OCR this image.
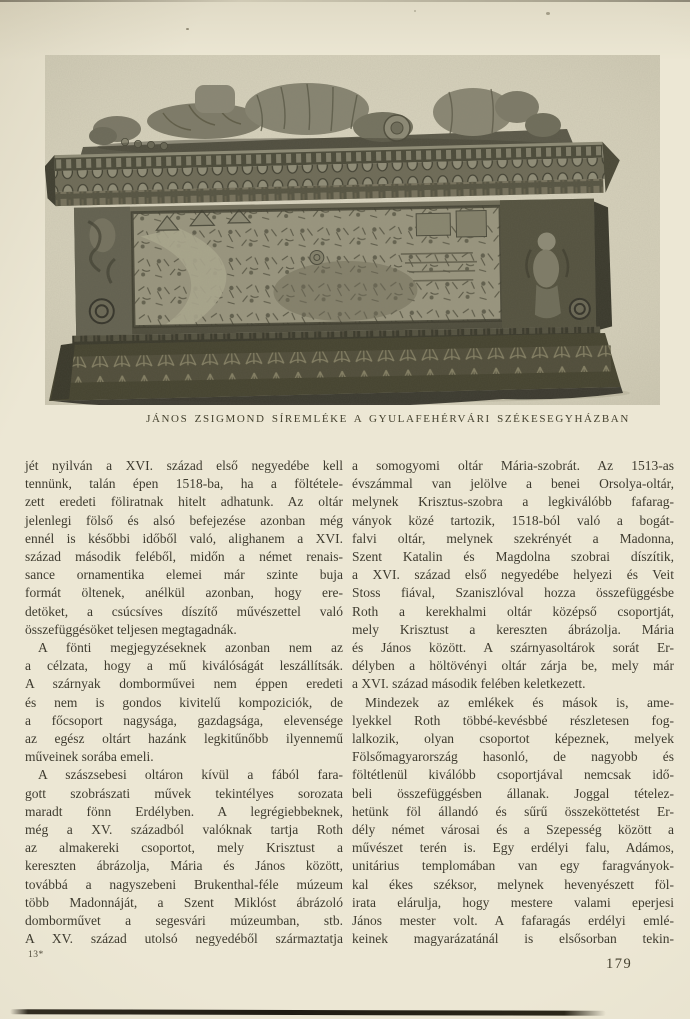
JÁNOS ZSIGMOND SÍREMLÉKE A GYULAFEHÉRVÁRI SZÉKESEGYHÁZBAN
jét nyilván a XVI. század első negyedébe kell
tennünk, talán épen 1518-ba, ha a föltétele-
zett eredeti föliratnak hitelt adhatunk. Az oltár
jelenlegi fölső és alsó befejezése azonban még
ennél is későbbi időből való, alighanem a XVI.
század második feléből, midőn a német renais-
sance ornamentika elemei már szinte buja
formát öltenek, anélkül azonban, hogy ere-
detöket, a csúcsíves díszítő művészettel való
összefüggésöket teljesen megtagadnák.
A fönti megjegyzéseknek azonban nem az
a célzata, hogy a mű kiválóságát leszállítsák.
A szárnyak domborművei nem éppen eredeti
és nem is gondos kivitelű kompoziciók, de
a főcsoport nagysága, gazdagsága, elevensége
az egész oltárt hazánk legkitűnőbb ilyennemű
műveinek sorába emeli.
A szászsebesi oltáron kívül a fából fara-
gott szobrászati művek tekintélyes sorozata
maradt fönn Erdélyben. A legrégiebbeknek,
még a XV. századból valóknak tartja Roth
az almakereki csoportot, mely Krisztust a
kereszten ábrázolja, Mária és János között,
továbbá a nagyszebeni Brukenthal-féle múzeum
több Madonnáját, a Szent Miklóst ábrázoló
domborművet a segesvári múzeumban, stb.
A XV. század utolsó negyedéből származtatja
a somogyomi oltár Mária-szobrát. Az 1513-as
évszámmal van jelölve a benei Orsolya-oltár,
melynek Krisztus-szobra a legkiválóbb fafarag-
ványok közé tartozik, 1518-ból való a bogát-
falvi oltár, melynek szekrényét a Madonna,
Szent Katalin és Magdolna szobrai díszítik,
a XVI. század első negyedébe helyezi és Veit
Stoss fiával, Szaniszlóval hozza összefüggésbe
Roth a kerekhalmi oltár középső csoportját,
mely Krisztust a kereszten ábrázolja. Mária
és János között. A szárnyasoltárok sorát Er-
délyben a höltövényi oltár zárja be, mely már
a XVI. század második felében keletkezett.
Mindezek az emlékek és mások is, ame-
lyekkel Roth többé-kevésbbé részletesen fog-
lalkozik, olyan csoportot képeznek, melyek
Fölsőmagyarország hasonló, de nagyobb és
föltétlenül kiválóbb csoportjával nemcsak idő-
beli összefüggésben állanak. Joggal tételez-
hetünk föl állandó és sűrű összeköttetést Er-
dély német városai és a Szepesség között a
művészet terén is. Egy erdélyi falu, Adámos,
unitárius templomában van egy faragványok-
kal ékes széksor, melynek hevenyészett föl-
irata elárulja, hogy mestere valami eperjesi
János mester volt. A fafaragás erdélyi emlé-
keinek magyarázatánál is elsősorban tekin-
13*
179
